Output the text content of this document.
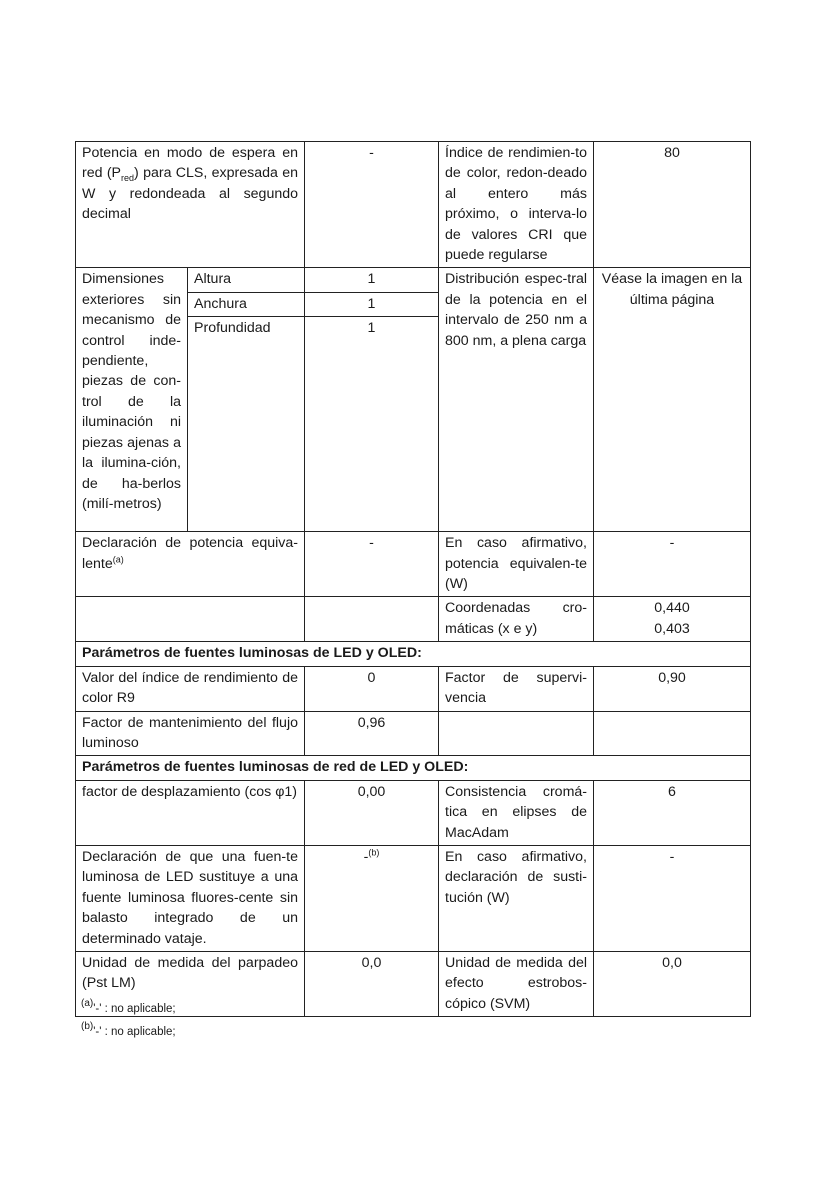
Potencia en modo de espera en red $(P_{red})$ para CLS, expresada en W y redondeada al segundo decimal		-	Índice de rendimien-to de color, redon-deado al entero más próximo, o interva-lo de valores CRI que puede regularse	80
Dimensiones exteriores sin mecanismo de control inde-pendiente, piezas de con-trol de la iluminación ni piezas ajenas a la ilumina-ción, de ha-berlos (milí-metros)	Altura	1	Distribución espec-tral de la potencia en el intervalo de 250 nm a 800 nm, a plena carga	Véase la imagen en la última página
	Anchura	1		
	Profundidad	1		
Declaración de potencia equiva-lente$^{(a)}$		-	En caso afirmativo, potencia equivalen-te (W)	-
			Coordenadas cro-máticas (x e y)	0,440
0,403

Parámetros de fuentes luminosas de LED y OLED:				
Valor del índice de rendimiento de color R9		0	Factor de supervi-vencia	0,90
Factor de mantenimiento del flujo luminoso		0,96		
Parámetros de fuentes luminosas de red de LED y OLED:				
factor de desplazamiento (cos φ1)		0,00	Consistencia cromá-tica en elipses de MacAdam	6
Declaración de que una fuen-te luminosa de LED sustituye a una fuente luminosa fluores-cente sin balasto integrado de un determinado vataje.		-$^{(b)}$	En caso afirmativo, declaración de susti-tución (W)	-
Unidad de medida del parpadeo (Pst LM)		0,0	Unidad de medida del efecto estrobos-cópico (SVM)	0,0
$^{(a)}$'-' : no aplicable;
$^{(b)}$'-' : no aplicable;
